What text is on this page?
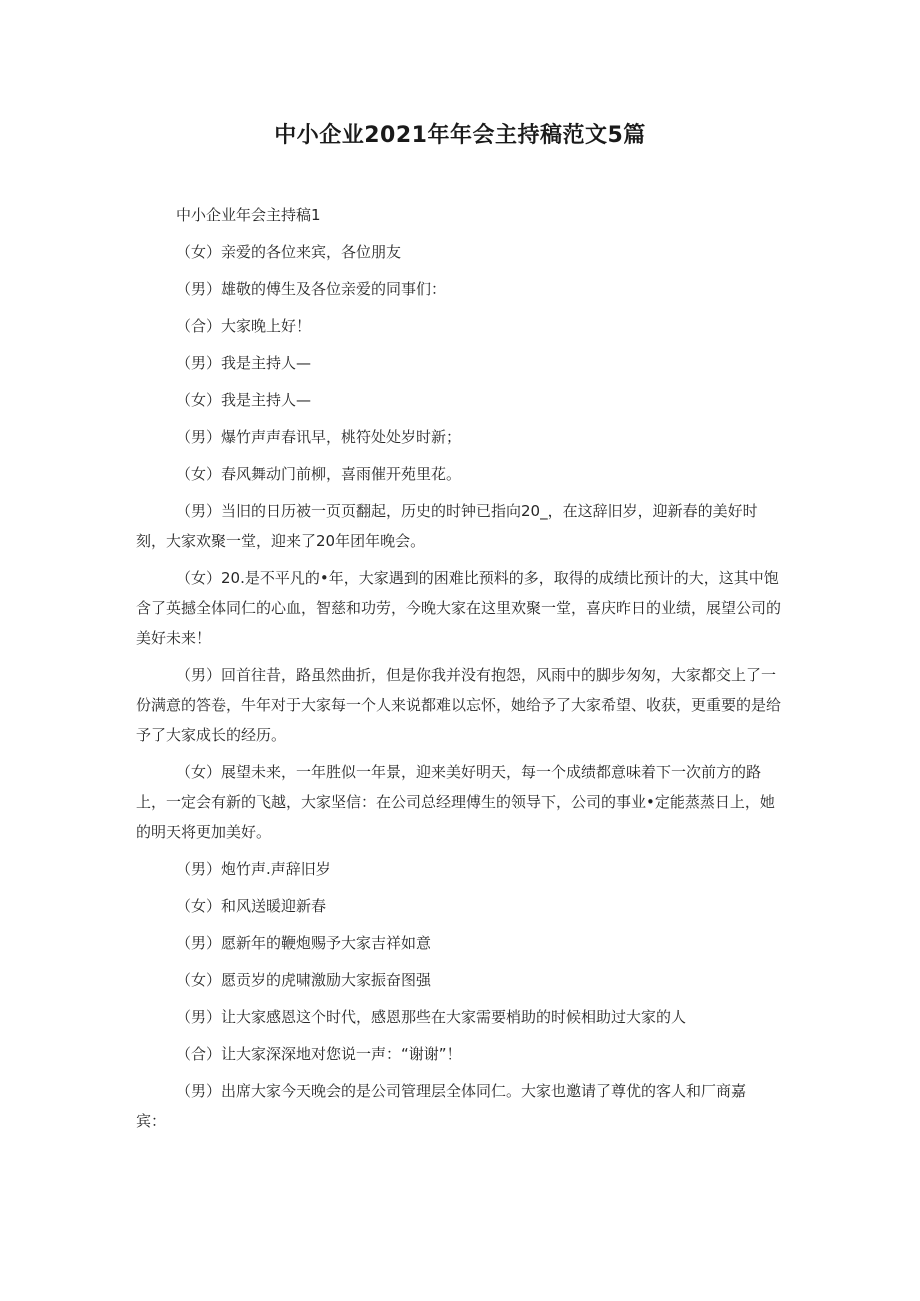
中小企业2021年年会主持稿范文5篇

中小企业年会主持稿1

（女）亲爱的各位来宾，各位朋友

（男）雄敬的傅生及各位亲爱的同事们：

（合）大家晚上好！

（男）我是主持人—

（女）我是主持人—

（男）爆竹声声春讯早，桃符处处岁时新；

（女）春风舞动门前柳，喜雨催开苑里花。

（男）当旧的日历被一页页翻起，历史的时钟已指向20_，在这辞旧岁，迎新春的美好时刻，大家欢聚一堂，迎来了20年团年晚会。

（女）20.是不平凡的•年，大家遇到的困难比预料的多，取得的成绩比预计的大，这其中饱含了英撼全体同仁的心血，智慈和功劳，今晚大家在这里欢聚一堂，喜庆昨日的业绩，展望公司的美好未来！

（男）回首往昔，路虽然曲折，但是你我并没有抱怨，风雨中的脚步匆匆，大家都交上了一份满意的答卷，牛年对于大家每一个人来说都难以忘怀，她给予了大家希望、收获，更重要的是给予了大家成长的经历。

（女）展望未来，一年胜似一年景，迎来美好明天，每一个成绩都意味着下一次前方的路上，一定会有新的飞越，大家坚信：在公司总经理傅生的领导下，公司的事业•定能蒸蒸日上，她的明天将更加美好。

（男）炮竹声.声辞旧岁

（女）和风送暖迎新春

（男）愿新年的鞭炮赐予大家吉祥如意

（女）愿贡岁的虎啸激励大家振奋图强

（男）让大家感恩这个时代，感恩那些在大家需要梢助的时候相助过大家的人

（合）让大家深深地对您说一声：“谢谢”！

（男）出席大家今天晚会的是公司管理层全体同仁。大家也邀请了尊优的客人和厂商嘉宾：
